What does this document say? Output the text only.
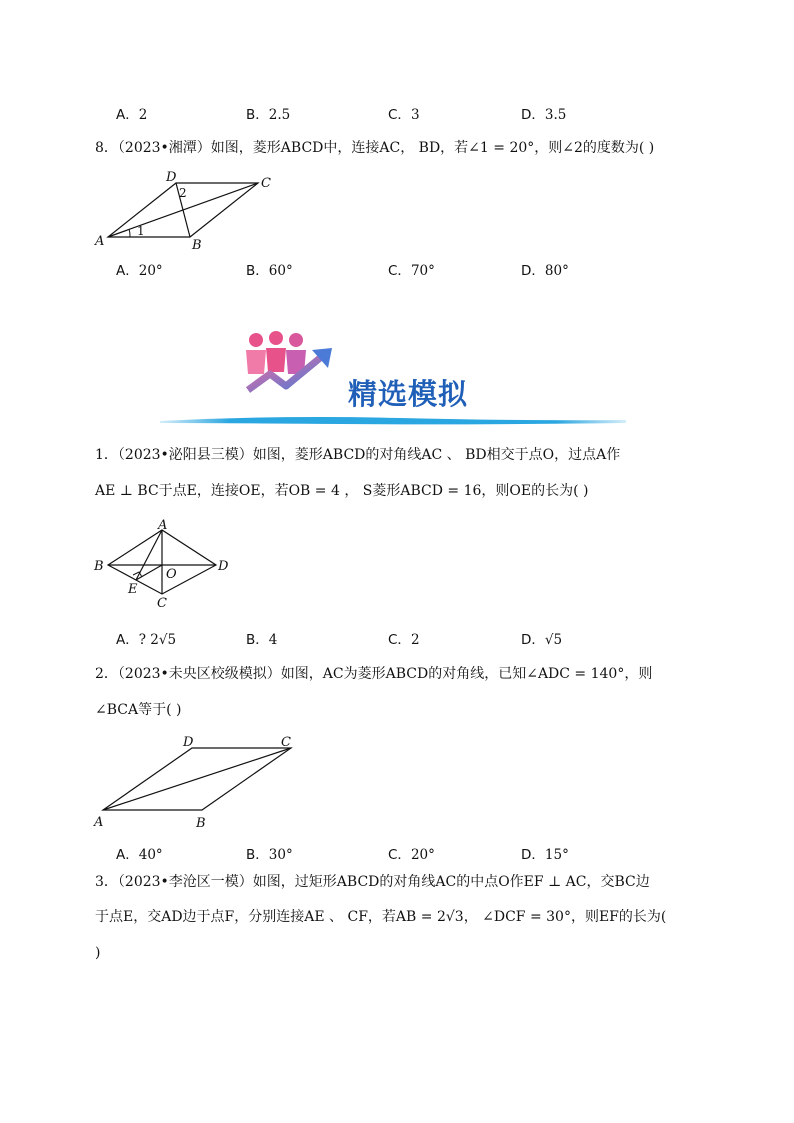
A．2	B．2.5	C．3	D．3.5
8．（2023•湘潭）如图，菱形ABCD中，连接AC， BD，若∠1 = 20°，则∠2的度数为( )
A	B
C
D
1
2
A．20°	B．60°	C．70°	D．80°
精选模拟
1．（2023•泌阳县三模）如图，菱形ABCD的对角线AC 、 BD相交于点O，过点A作
AE ⊥ BC于点E，连接OE，若OB = 4 ， S菱形ABCD = 16，则OE的长为( )
A
B
C
D
E
O
A．? 2√5	B．4	C．2	D．√5
2．（2023•未央区校级模拟）如图，AC为菱形ABCD的对角线，已知∠ADC = 140°，则
∠BCA等于( )
A	B
C
D
A．40°	B．30°	C．20°	D．15°
3．（2023•李沧区一模）如图，过矩形ABCD的对角线AC的中点O作EF ⊥ AC，交BC边
于点E，交AD边于点F，分别连接AE 、 CF，若AB = 2√3， ∠DCF = 30°，则EF的长为(
)
